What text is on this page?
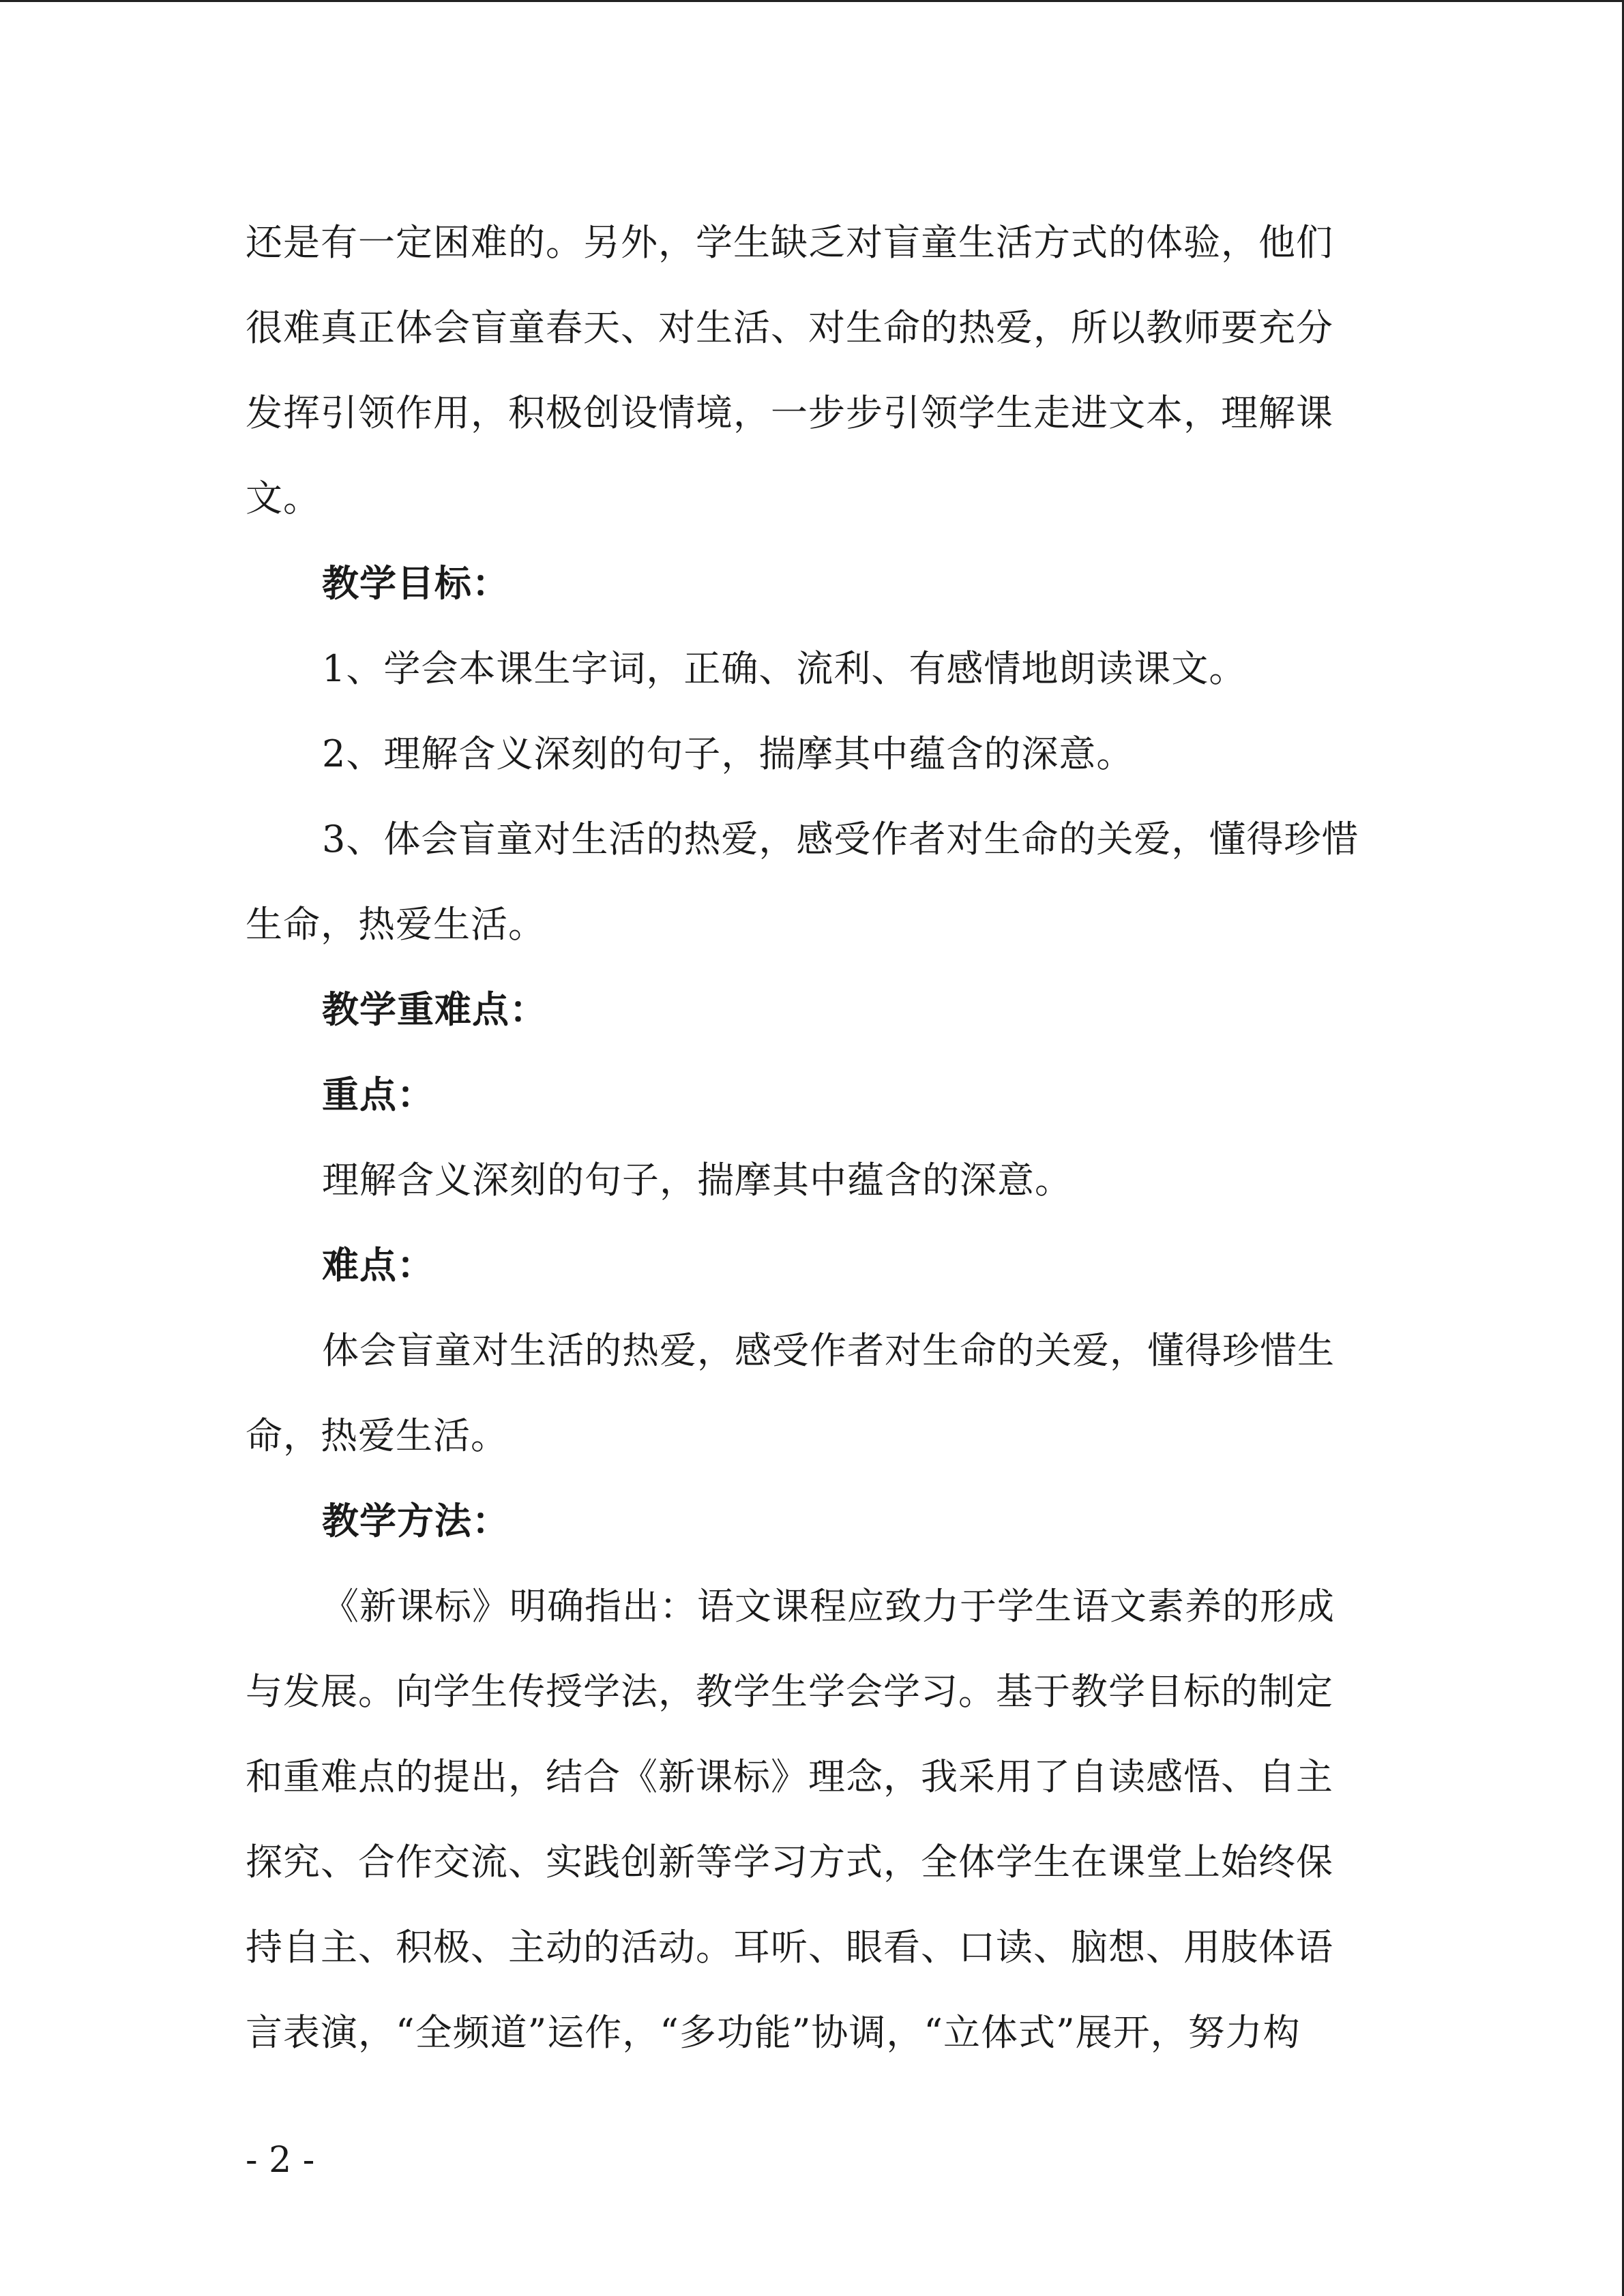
还是有一定困难的。另外，学生缺乏对盲童生活方式的体验，他们
很难真正体会盲童春天、对生活、对生命的热爱，所以教师要充分
发挥引领作用，积极创设情境，一步步引领学生走进文本，理解课
文。
教学目标：
1、学会本课生字词，正确、流利、有感情地朗读课文。
2、理解含义深刻的句子，揣摩其中蕴含的深意。
3、体会盲童对生活的热爱，感受作者对生命的关爱，懂得珍惜
生命，热爱生活。
教学重难点：
重点：
理解含义深刻的句子，揣摩其中蕴含的深意。
难点：
体会盲童对生活的热爱，感受作者对生命的关爱，懂得珍惜生
命，热爱生活。
教学方法：
《新课标》明确指出：语文课程应致力于学生语文素养的形成
与发展。向学生传授学法，教学生学会学习。基于教学目标的制定
和重难点的提出，结合《新课标》理念，我采用了自读感悟、自主
探究、合作交流、实践创新等学习方式，全体学生在课堂上始终保
持自主、积极、主动的活动。耳听、眼看、口读、脑想、用肢体语
言表演，“全频道”运作，“多功能”协调，“立体式”展开，努力构
- 2 -
